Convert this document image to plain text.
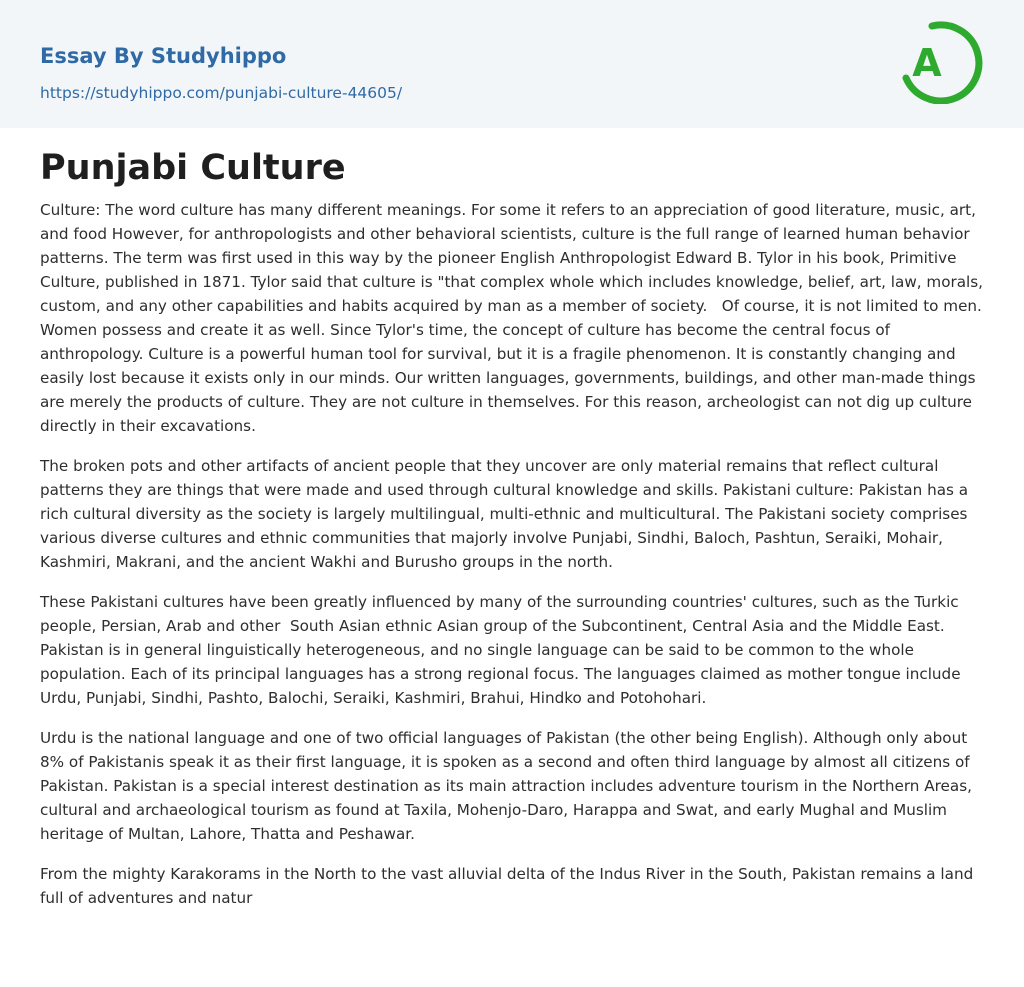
Essay By Studyhippo
https://studyhippo.com/punjabi-culture-44605/
A
Punjabi Culture

Culture: The word culture has many different meanings. For some it refers to an appreciation of good literature, music, art, and food However, for anthropologists and other behavioral scientists, culture is the full range of learned human behavior patterns. The term was first used in this way by the pioneer English Anthropologist Edward B. Tylor in his book, Primitive Culture, published in 1871. Tylor said that culture is "that complex whole which includes knowledge, belief, art, law, morals, custom, and any other capabilities and habits acquired by man as a member of society.   Of course, it is not limited to men. Women possess and create it as well. Since Tylor's time, the concept of culture has become the central focus of anthropology. Culture is a powerful human tool for survival, but it is a fragile phenomenon. It is constantly changing and easily lost because it exists only in our minds. Our written languages, governments, buildings, and other man-made things are merely the products of culture. They are not culture in themselves. For this reason, archeologist can not dig up culture directly in their excavations.

The broken pots and other artifacts of ancient people that they uncover are only material remains that reflect cultural patterns they are things that were made and used through cultural knowledge and skills. Pakistani culture: Pakistan has a rich cultural diversity as the society is largely multilingual, multi-ethnic and multicultural. The Pakistani society comprises various diverse cultures and ethnic communities that majorly involve Punjabi, Sindhi, Baloch, Pashtun, Seraiki, Mohair, Kashmiri, Makrani, and the ancient Wakhi and Burusho groups in the north.

These Pakistani cultures have been greatly influenced by many of the surrounding countries' cultures, such as the Turkic people, Persian, Arab and other  South Asian ethnic Asian group of the Subcontinent, Central Asia and the Middle East. Pakistan is in general linguistically heterogeneous, and no single language can be said to be common to the whole population. Each of its principal languages has a strong regional focus. The languages claimed as mother tongue include Urdu, Punjabi, Sindhi, Pashto, Balochi, Seraiki, Kashmiri, Brahui, Hindko and Potohohari.

Urdu is the national language and one of two official languages of Pakistan (the other being English). Although only about 8% of Pakistanis speak it as their first language, it is spoken as a second and often third language by almost all citizens of Pakistan. Pakistan is a special interest destination as its main attraction includes adventure tourism in the Northern Areas, cultural and archaeological tourism as found at Taxila, Mohenjo-Daro, Harappa and Swat, and early Mughal and Muslim heritage of Multan, Lahore, Thatta and Peshawar.

From the mighty Karakorams in the North to the vast alluvial delta of the Indus River in the South, Pakistan remains a land full of adventures and natur
